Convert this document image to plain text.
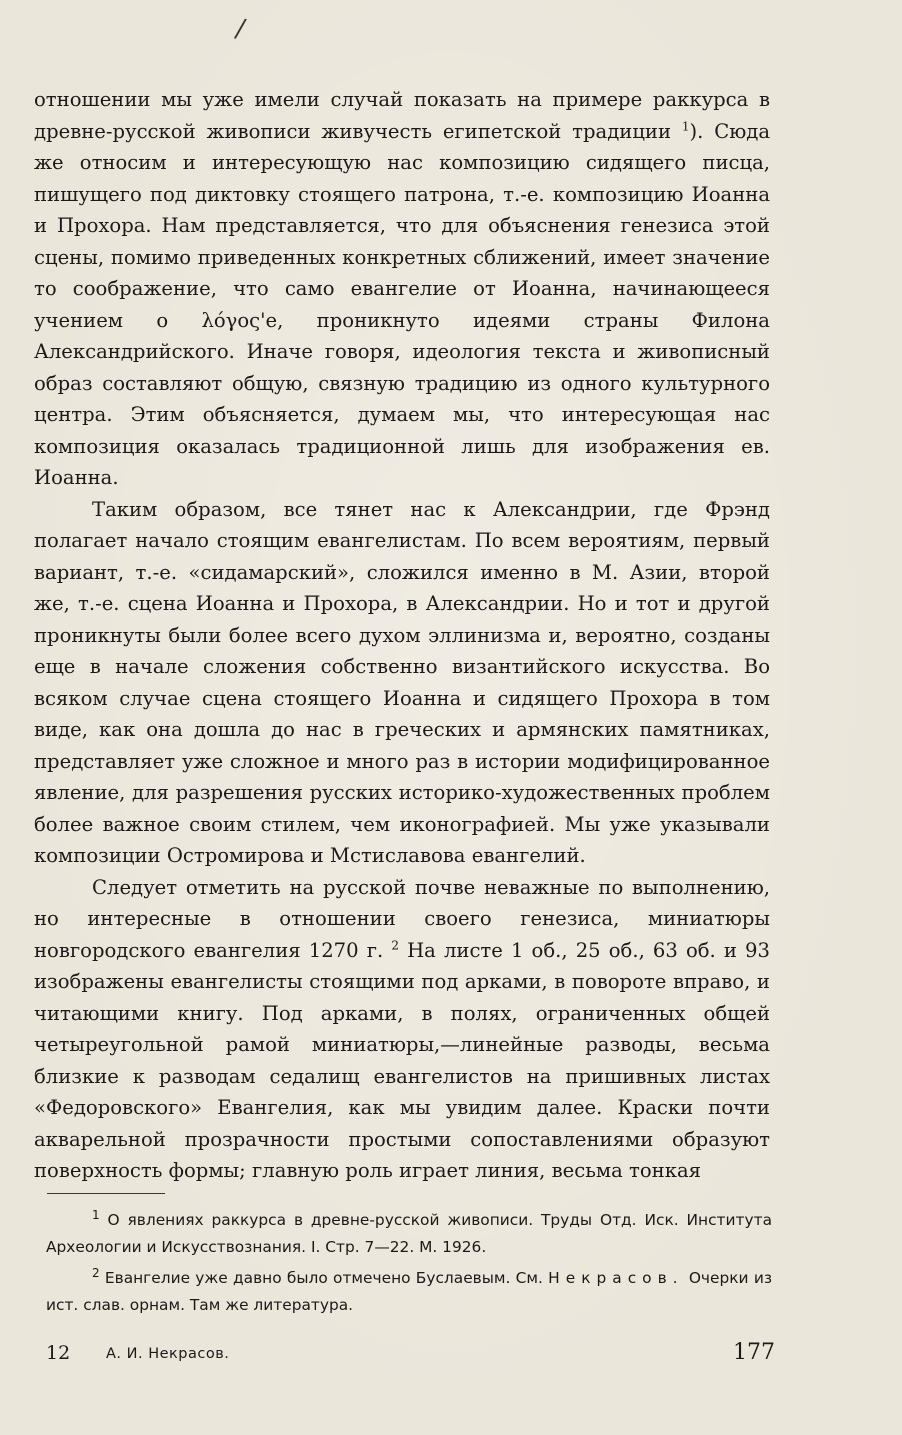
/

отношении мы уже имели случай показать на примере раккурса в древне-русской живописи живучесть египетской традиции $^1$). Сюда же относим и интересующую нас композицию сидящего писца, пишущего под диктовку стоящего патрона, т.-е. композицию Иоанна и Прохора. Нам представляется, что для объяснения генезиса этой сцены, помимо приведенных конкретных сближений, имеет значение то соображение, что само евангелие от Иоанна, начинающееся учением о λόγος'е, проникнуто идеями страны Филона Александрийского. Иначе говоря, идеология текста и живописный образ составляют общую, связную традицию из одного культурного центра. Этим объясняется, думаем мы, что интересующая нас композиция оказалась традиционной лишь для изображения ев. Иоанна.

Таким образом, все тянет нас к Александрии, где Фрэнд полагает начало стоящим евангелистам. По всем вероятиям, первый вариант, т.-е. «сидамарский», сложился именно в М. Азии, второй же, т.-е. сцена Иоанна и Прохора, в Александрии. Но и тот и другой проникнуты были более всего духом эллинизма и, вероятно, созданы еще в начале сложения собственно византийского искусства. Во всяком случае сцена стоящего Иоанна и сидящего Прохора в том виде, как она дошла до нас в греческих и армянских памятниках, представляет уже сложное и много раз в истории модифицированное явление, для разрешения русских историко-художественных проблем более важное своим стилем, чем иконографией. Мы уже указывали композиции Остромирова и Мстиславова евангелий.

Следует отметить на русской почве неважные по выполнению, но интересные в отношении своего генезиса, миниатюры новгородского евангелия 1270 г. $^2$ На листе 1 об., 25 об., 63 об. и 93 изображены евангелисты стоящими под арками, в повороте вправо, и читающими книгу. Под арками, в полях, ограниченных общей четыреугольной рамой миниатюры,—линейные разводы, весьма близкие к разводам седалищ евангелистов на пришивных листах «Федоровского» Евангелия, как мы увидим далее. Краски почти акварельной прозрачности простыми сопоставлениями образуют поверхность формы; главную роль играет линия, весьма тонкая

$^1$ О явлениях раккурса в древне-русской живописи. Труды Отд. Иск. Института Археологии и Искусствознания. I. Стр. 7—22. М. 1926.

$^2$ Евангелие уже давно было отмечено Буслаевым. См. Некрасов. Очерки из ист. слав. орнам. Там же литература.

12 А. И. Некрасов.	177
